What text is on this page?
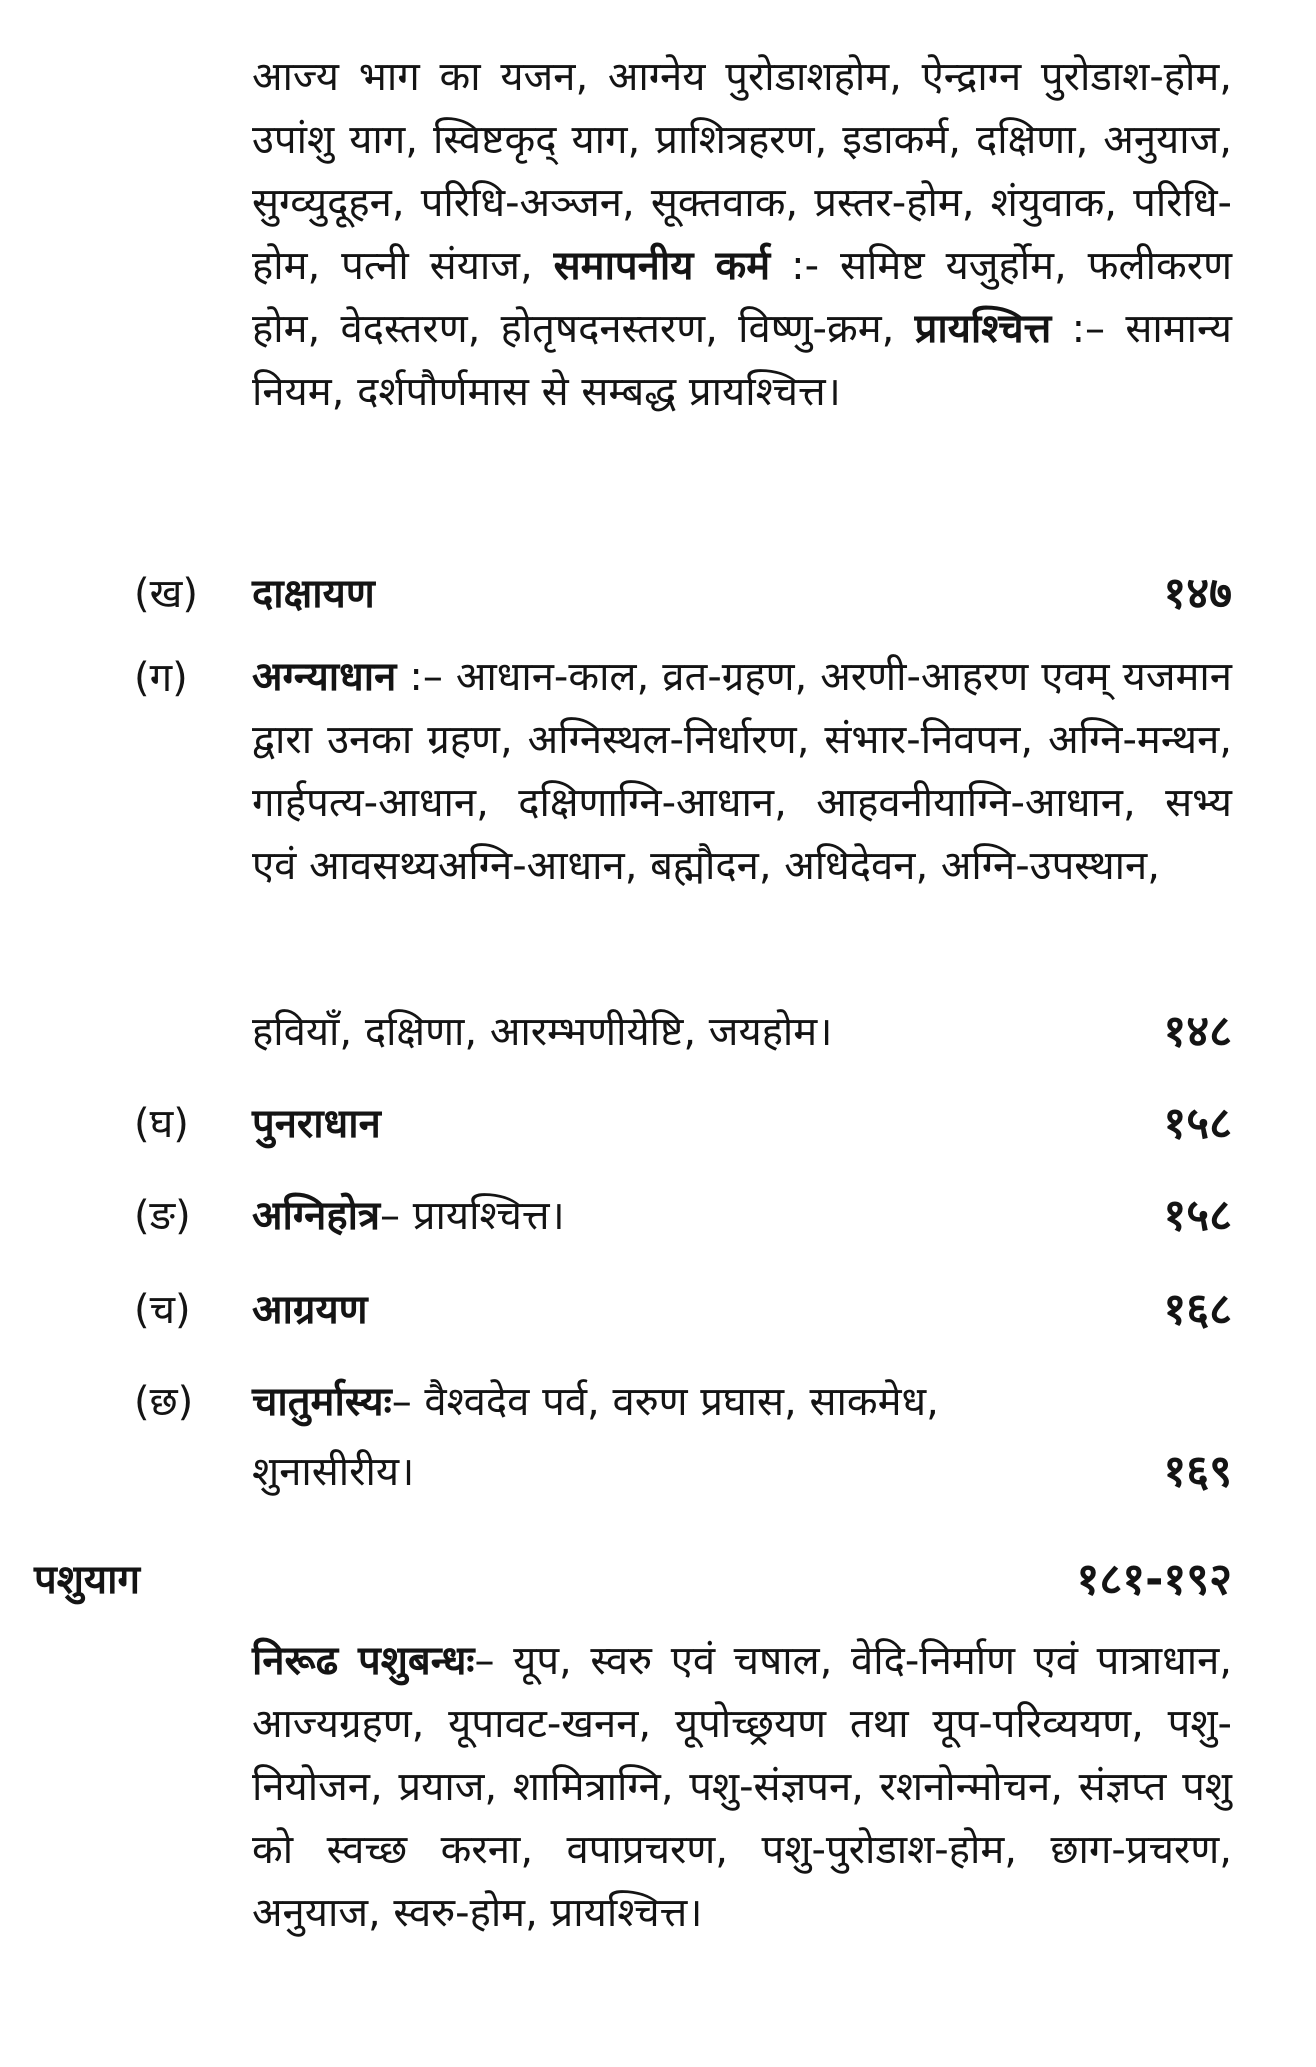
आज्य भाग का यजन, आग्नेय पुरोडाशहोम, ऐन्द्राग्न पुरोडाश-होम, उपांशु याग, स्विष्टकृद् याग, प्राशित्रहरण, इडाकर्म, दक्षिणा, अनुयाज, सुग्व्युदूहन, परिधि-अञ्जन, सूक्तवाक, प्रस्तर-होम, शंयुवाक, परिधि-होम, पत्नी संयाज, समापनीय कर्म :- समिष्ट यजुर्होम, फलीकरण होम, वेदस्तरण, होतृषदनस्तरण, विष्णु-क्रम, प्रायश्चित्त :– सामान्य नियम, दर्शपौर्णमास से सम्बद्ध प्रायश्चित्त।

(ख) दाक्षायण	१४७
(ग) अग्न्याधान :– आधान-काल, व्रत-ग्रहण, अरणी-आहरण एवम् यजमान द्वारा उनका ग्रहण, अग्निस्थल-निर्धारण, संभार-निवपन, अग्नि-मन्थन, गार्हपत्य-आधान, दक्षिणाग्नि-आधान, आहवनीयाग्नि-आधान, सभ्य एवं आवसथ्यअग्नि-आधान, बह्मौदन, अधिदेवन, अग्नि-उपस्थान,

हवियाँ, दक्षिणा, आरम्भणीयेष्टि, जयहोम।	१४८
(घ) पुनराधान	१५८
(ङ) अग्निहोत्र– प्रायश्चित्त।	१५८
(च) आग्रयण	१६८
(छ) चातुर्मास्यः– वैश्वदेव पर्व, वरुण प्रघास, साकमेध,
शुनासीरीय।	१६९
पशुयाग	१८१-१९२

निरूढ पशुबन्धः– यूप, स्वरु एवं चषाल, वेदि-निर्माण एवं पात्राधान, आज्यग्रहण, यूपावट-खनन, यूपोच्छ्रयण तथा यूप-परिव्ययण, पशु-नियोजन, प्रयाज, शामित्राग्नि, पशु-संज्ञपन, रशनोन्मोचन, संज्ञप्त पशु को स्वच्छ करना, वपाप्रचरण, पशु-पुरोडाश-होम, छाग-प्रचरण, अनुयाज, स्वरु-होम, प्रायश्चित्त।
